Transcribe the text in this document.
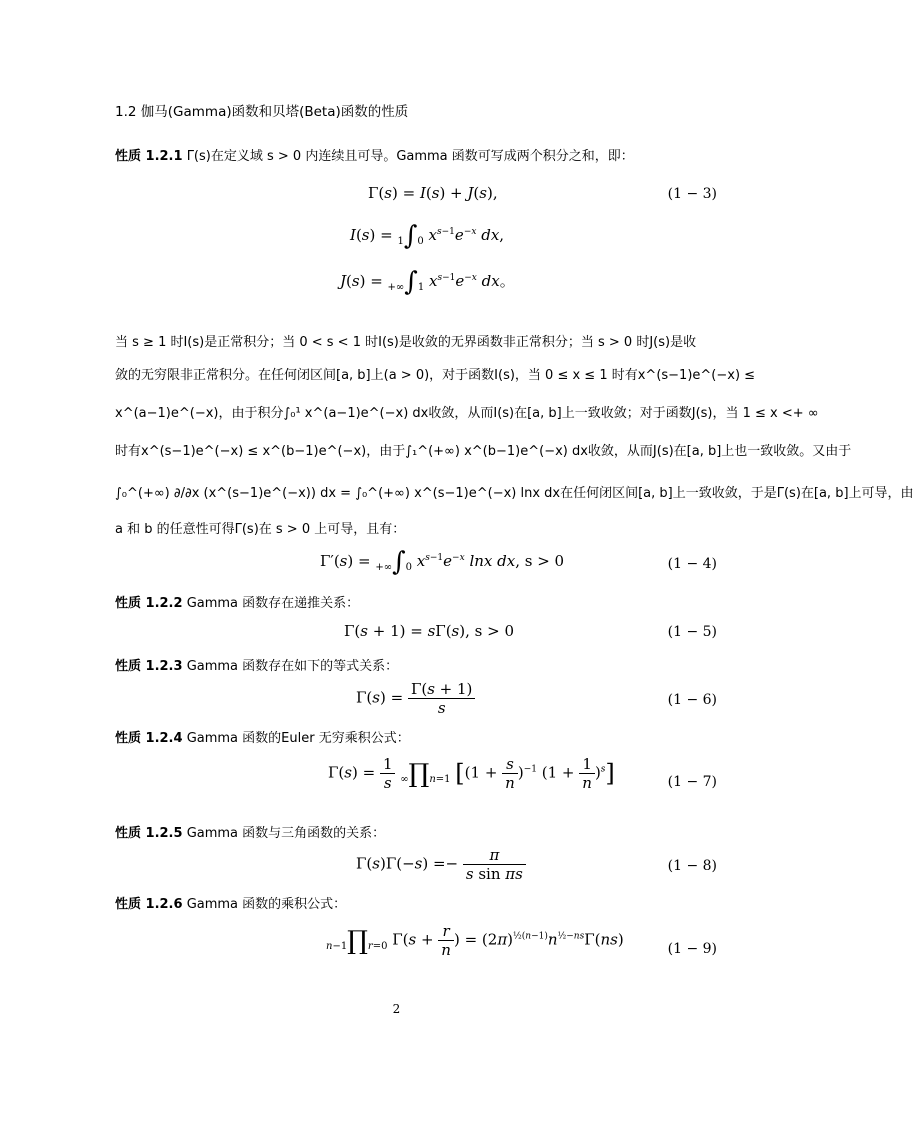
1.2 伽马(Gamma)函数和贝塔(Beta)函数的性质
性质 1.2.1 Γ(s)在定义域 s > 0 内连续且可导。Gamma 函数可写成两个积分之和，即：
Γ(s) = I(s) + J(s),	(1 − 3)
I(s) = 1∫0 $x^{s-1}e^{-x}$ dx,
J(s) = +∞∫1 $x^{s-1}e^{-x}$ dx。
当 s ≥ 1 时I(s)是正常积分；当 0 < s < 1 时I(s)是收敛的无界函数非正常积分；当 s > 0 时J(s)是收
敛的无穷限非正常积分。在任何闭区间[a, b]上(a > 0)，对于函数I(s)，当 0 ≤ x ≤ 1 时有x^(s−1)e^(−x) ≤
x^(a−1)e^(−x)，由于积分∫₀¹ x^(a−1)e^(−x) dx收敛，从而I(s)在[a, b]上一致收敛；对于函数J(s)，当 1 ≤ x <+ ∞
时有x^(s−1)e^(−x) ≤ x^(b−1)e^(−x)，由于∫₁^(+∞) x^(b−1)e^(−x) dx收敛，从而J(s)在[a, b]上也一致收敛。又由于
∫₀^(+∞) ∂/∂x (x^(s−1)e^(−x)) dx = ∫₀^(+∞) x^(s−1)e^(−x) lnx dx在任何闭区间[a, b]上一致收敛，于是Γ(s)在[a, b]上可导，由
a 和 b 的任意性可得Γ(s)在 s > 0 上可导，且有：
Γ′(s) = +∞∫0 $x^{s-1}e^{-x}$ lnx dx, s > 0	(1 − 4)
性质 1.2.2 Gamma 函数存在递推关系：
Γ(s + 1) = sΓ(s), s > 0	(1 − 5)
性质 1.2.3 Gamma 函数存在如下的等式关系：
$\Gamma(s) = \frac{\Gamma(s + 1)}{s}$	(1 − 6)
性质 1.2.4 Gamma 函数的Euler 无穷乘积公式：
$\Gamma(s) = \frac{1}{s}$ ∞∏n=1 [$(1 + \frac{s}{n} )^{-1}$ $(1 + \frac{1}{n} )^s$]	(1 − 7)
性质 1.2.5 Gamma 函数与三角函数的关系：
$\Gamma(s)\Gamma(-s) =- \frac{\pi}{\text{s sin πs}}$	(1 − 8)
性质 1.2.6 Gamma 函数的乘积公式：
n−1∏r=0 $\Gamma(s + \frac{r}{n}$ ) = $(2\pi)^{\frac{1}{2}(n-1)}n^{\frac{1}{2}-ns}\Gamma(ns)$
(1 − 9)
2
